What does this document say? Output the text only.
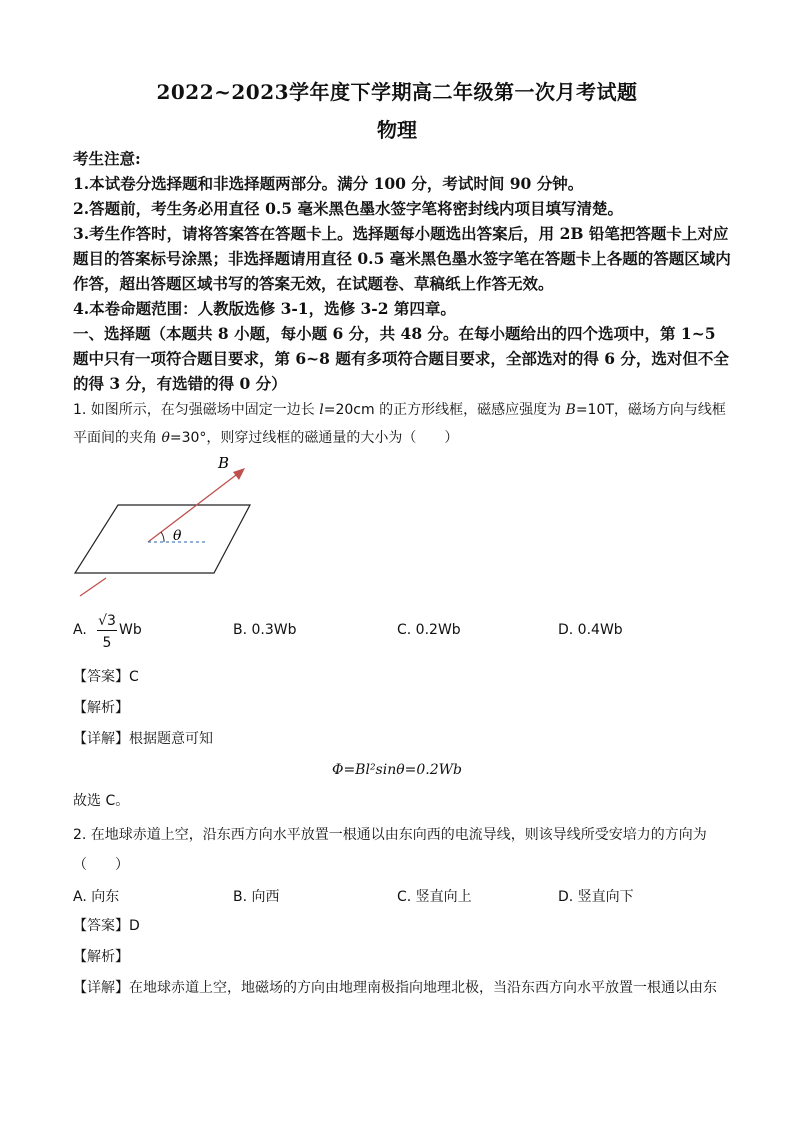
2022~2023学年度下学期高二年级第一次月考试题
物理
考生注意:
1.本试卷分选择题和非选择题两部分。满分 100 分，考试时间 90 分钟。
2.答题前，考生务必用直径 0.5 毫米黑色墨水签字笔将密封线内项目填写清楚。
3.考生作答时，请将答案答在答题卡上。选择题每小题选出答案后，用 2B 铅笔把答题卡上对应题目的答案标号涂黑；非选择题请用直径 0.5 毫米黑色墨水签字笔在答题卡上各题的答题区域内作答，超出答题区域书写的答案无效，在试题卷、草稿纸上作答无效。
4.本卷命题范围：人教版选修 3-1，选修 3-2 第四章。
一、选择题（本题共 8 小题，每小题 6 分，共 48 分。在每小题给出的四个选项中，第 1~5 题中只有一项符合题目要求，第 6~8 题有多项符合题目要求，全部选对的得 6 分，选对但不全的得 3 分，有选错的得 0 分）
1. 如图所示，在匀强磁场中固定一边长 l=20cm 的正方形线框，磁感应强度为 B=10T，磁场方向与线框平面间的夹角 θ=30°，则穿过线框的磁通量的大小为（　　）
θ
B
A.
√3
5
Wb	B. 0.3Wb	C. 0.2Wb	D. 0.4Wb
【答案】C
【解析】
【详解】根据题意可知
Φ=Bl²sinθ=0.2Wb
故选 C。
2. 在地球赤道上空，沿东西方向水平放置一根通以由东向西的电流导线，则该导线所受安培力的方向为（　　）
A. 向东	B. 向西	C. 竖直向上	D. 竖直向下
【答案】D
【解析】
【详解】在地球赤道上空，地磁场的方向由地理南极指向地理北极，当沿东西方向水平放置一根通以由东
